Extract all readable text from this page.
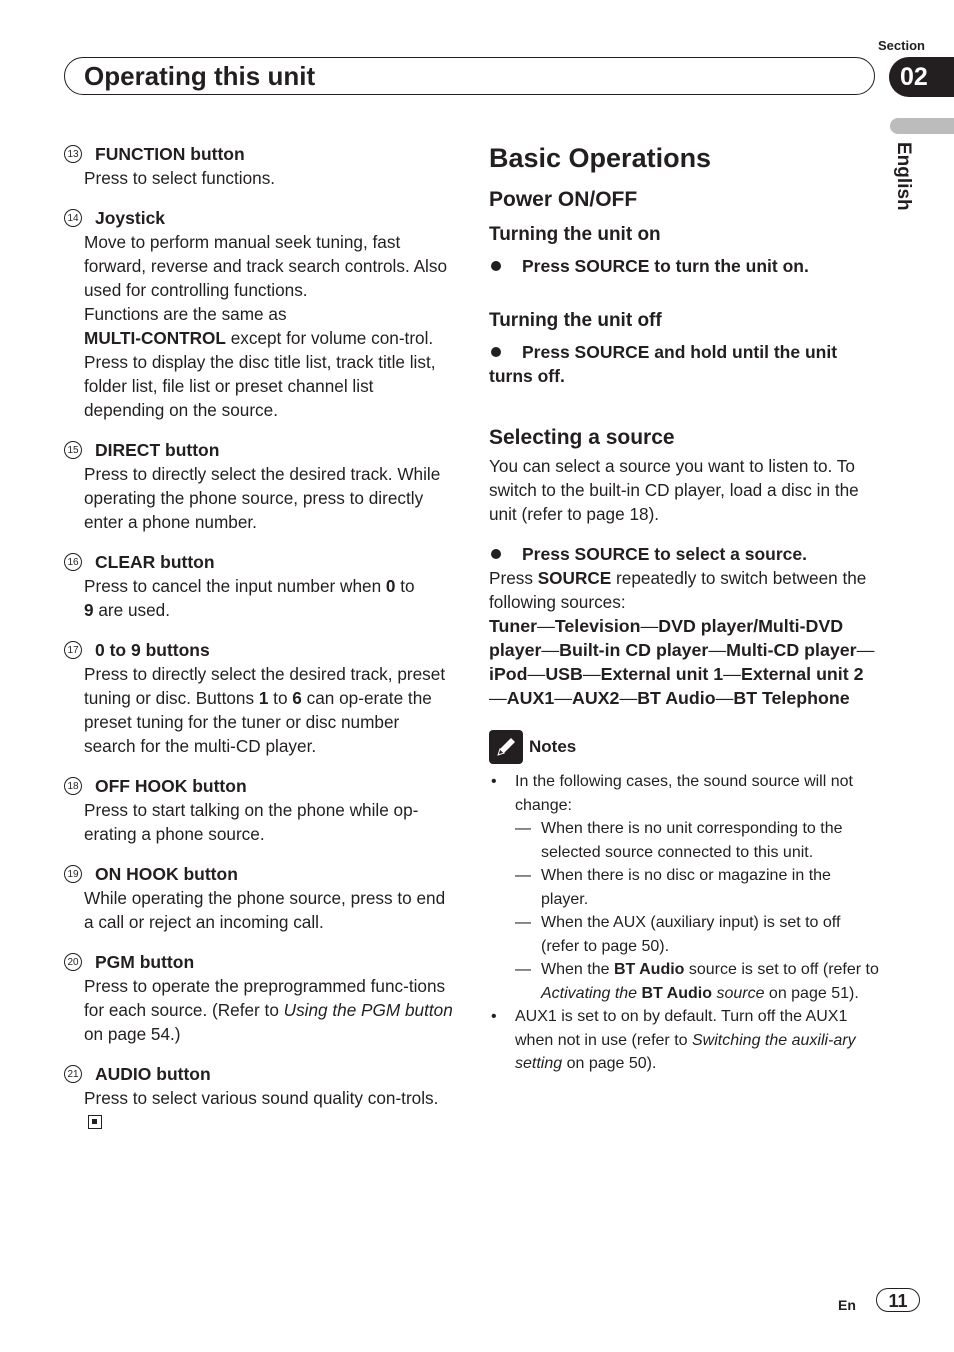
Section
02
Operating this unit
English
13 FUNCTION button
Press to select functions.
14 Joystick
Move to perform manual seek tuning, fast forward, reverse and track search controls. Also used for controlling functions.
Functions are the same as
MULTI-CONTROL except for volume con-trol.
Press to display the disc title list, track title list, folder list, file list or preset channel list depending on the source.
15 DIRECT button
Press to directly select the desired track. While operating the phone source, press to directly enter a phone number.
16 CLEAR button
Press to cancel the input number when 0 to
9 are used.
17 0 to 9 buttons
Press to directly select the desired track, preset tuning or disc. Buttons 1 to 6 can op-erate the preset tuning for the tuner or disc number search for the multi-CD player.
18 OFF HOOK button
Press to start talking on the phone while op-erating a phone source.
19 ON HOOK button
While operating the phone source, press to end a call or reject an incoming call.
20 PGM button
Press to operate the preprogrammed func-tions for each source. (Refer to Using the PGM button on page 54.)
21 AUDIO button
Press to select various sound quality con-trols.
Basic Operations
Power ON/OFF
Turning the unit on
Press SOURCE to turn the unit on.
Turning the unit off
Press SOURCE and hold until the unit turns off.
Selecting a source
You can select a source you want to listen to. To switch to the built-in CD player, load a disc in the unit (refer to page 18).
Press SOURCE to select a source.
Press SOURCE repeatedly to switch between the following sources:
Tuner—Television—DVD player/Multi-DVD player—Built-in CD player—Multi-CD player—iPod—USB—External unit 1—External unit 2—AUX1—AUX2—BT Audio—BT Telephone
Notes
• In the following cases, the sound source will not change:
— When there is no unit corresponding to the selected source connected to this unit.
— When there is no disc or magazine in the player.
— When the AUX (auxiliary input) is set to off (refer to page 50).
— When the BT Audio source is set to off (refer to Activating the BT Audio source on page 51).
• AUX1 is set to on by default. Turn off the AUX1 when not in use (refer to Switching the auxili-ary setting on page 50).
En	11
